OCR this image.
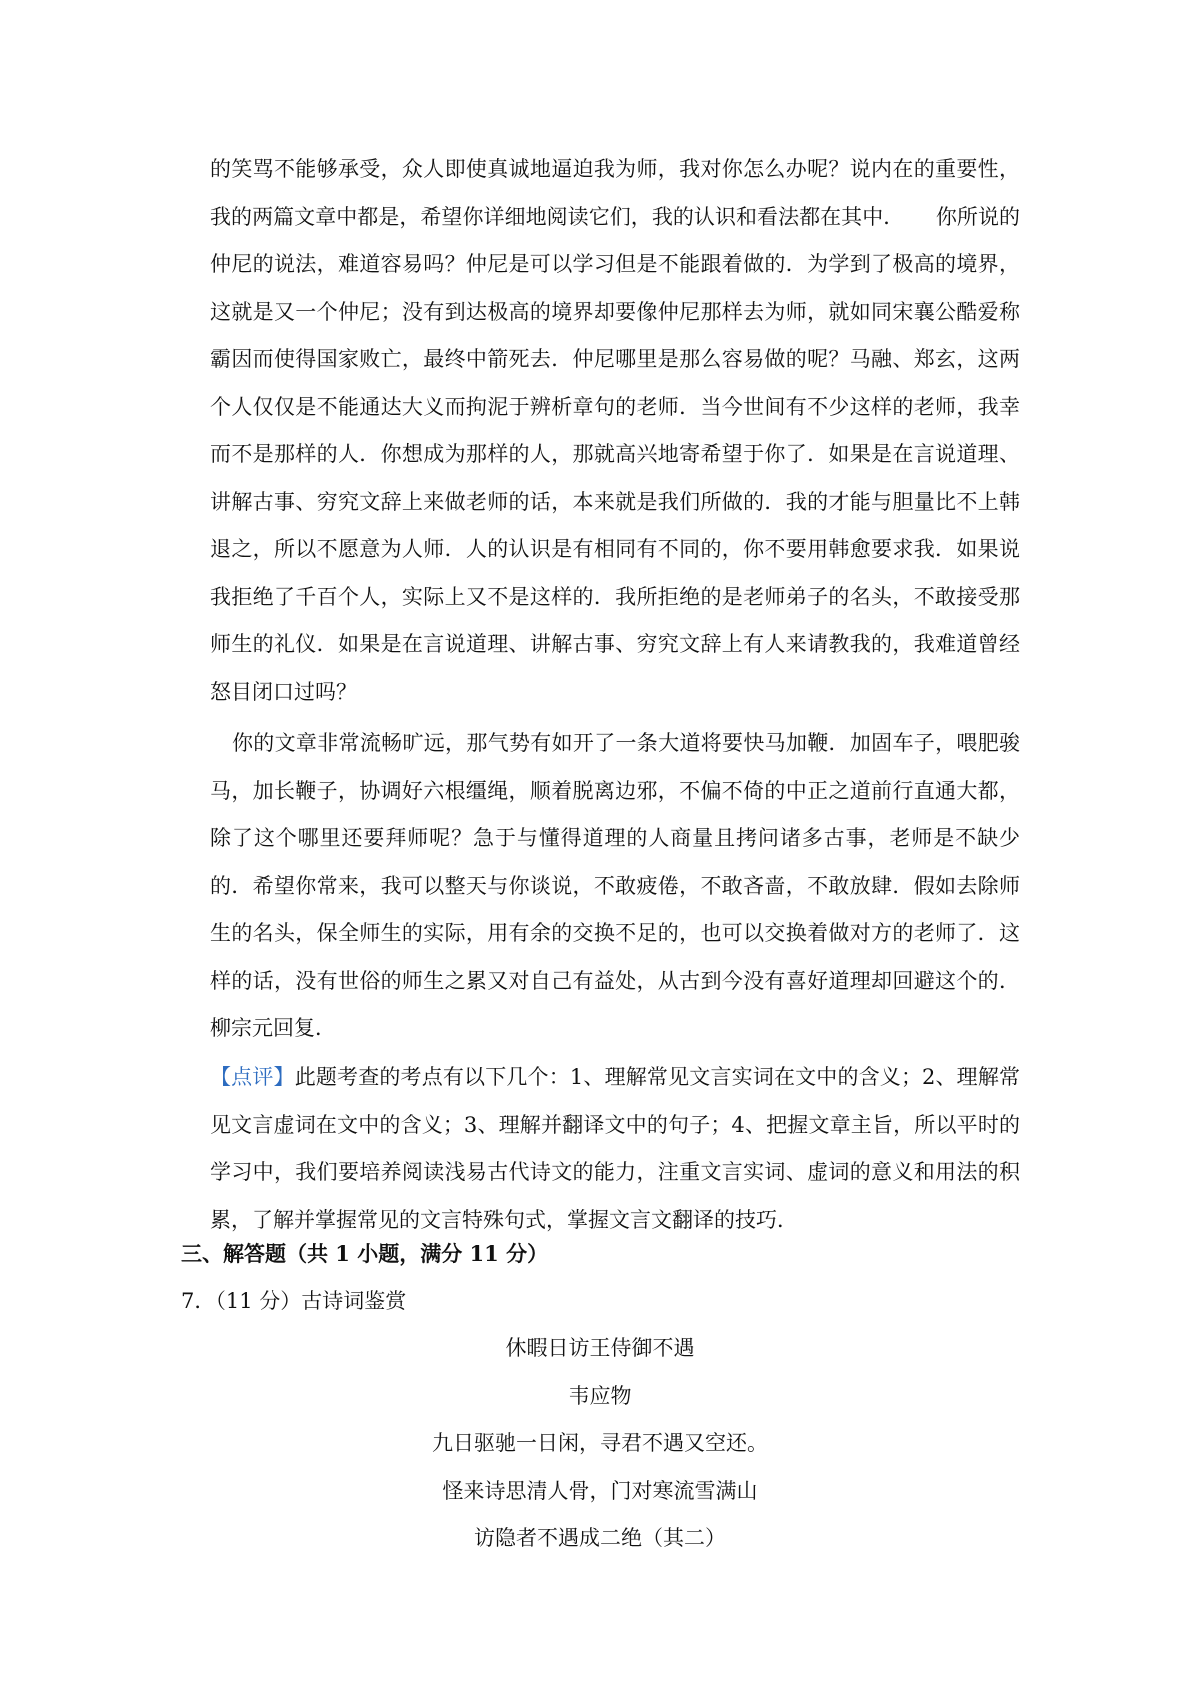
的笑骂不能够承受，众人即使真诚地逼迫我为师，我对你怎么办呢？说内在的重要性，我的两篇文章中都是，希望你详细地阅读它们，我的认识和看法都在其中．　　你所说的仲尼的说法，难道容易吗？仲尼是可以学习但是不能跟着做的．为学到了极高的境界，这就是又一个仲尼；没有到达极高的境界却要像仲尼那样去为师，就如同宋襄公酷爱称霸因而使得国家败亡，最终中箭死去．仲尼哪里是那么容易做的呢？马融、郑玄，这两个人仅仅是不能通达大义而拘泥于辨析章句的老师．当今世间有不少这样的老师，我幸而不是那样的人．你想成为那样的人，那就高兴地寄希望于你了．如果是在言说道理、讲解古事、穷究文辞上来做老师的话，本来就是我们所做的．我的才能与胆量比不上韩退之，所以不愿意为人师．人的认识是有相同有不同的，你不要用韩愈要求我．如果说我拒绝了千百个人，实际上又不是这样的．我所拒绝的是老师弟子的名头，不敢接受那师生的礼仪．如果是在言说道理、讲解古事、穷究文辞上有人来请教我的，我难道曾经怒目闭口过吗？

你的文章非常流畅旷远，那气势有如开了一条大道将要快马加鞭．加固车子，喂肥骏马，加长鞭子，协调好六根缰绳，顺着脱离边邪，不偏不倚的中正之道前行直通大都，除了这个哪里还要拜师呢？急于与懂得道理的人商量且拷问诸多古事，老师是不缺少的．希望你常来，我可以整天与你谈说，不敢疲倦，不敢吝啬，不敢放肆．假如去除师生的名头，保全师生的实际，用有余的交换不足的，也可以交换着做对方的老师了．这样的话，没有世俗的师生之累又对自己有益处，从古到今没有喜好道理却回避这个的．柳宗元回复．

【点评】此题考查的考点有以下几个：1、理解常见文言实词在文中的含义；2、理解常见文言虚词在文中的含义；3、理解并翻译文中的句子；4、把握文章主旨，所以平时的学习中，我们要培养阅读浅易古代诗文的能力，注重文言实词、虚词的意义和用法的积累，了解并掌握常见的文言特殊句式，掌握文言文翻译的技巧．

三、解答题（共 1 小题，满分 11 分）

7．（11 分）古诗词鉴赏

休暇日访王侍御不遇

韦应物

九日驱驰一日闲，寻君不遇又空还。

怪来诗思清人骨，门对寒流雪满山

访隐者不遇成二绝（其二）
